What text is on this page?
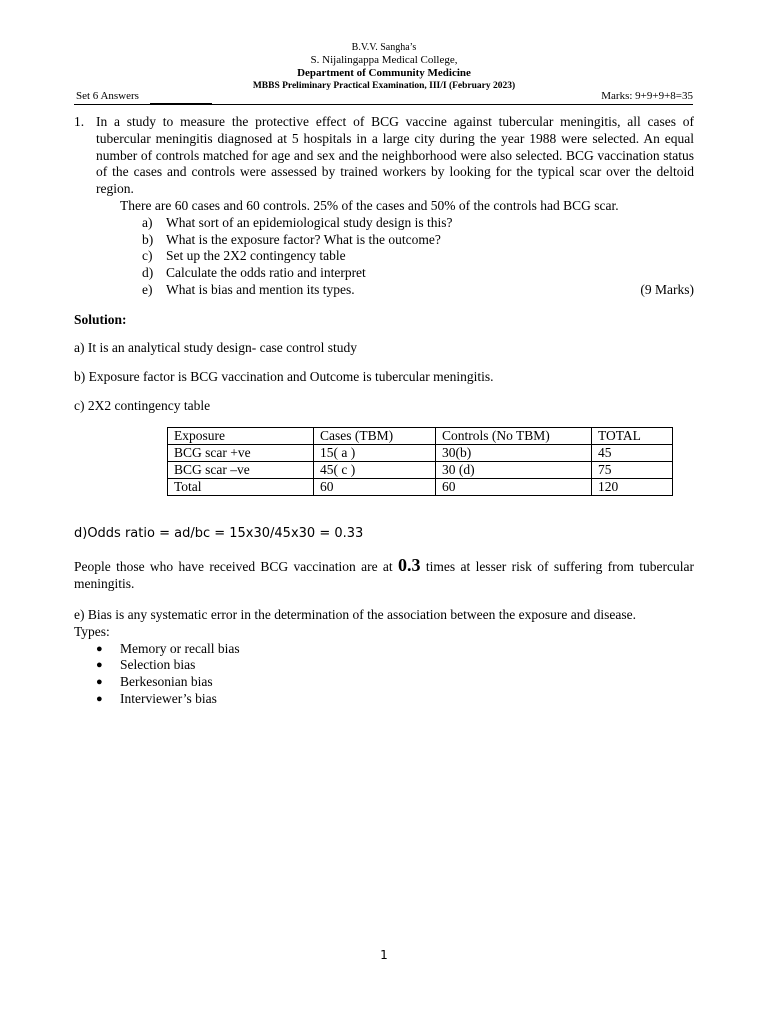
B.V.V. Sangha’s
S. Nijalingappa Medical College,
Department of Community Medicine
MBBS Preliminary Practical Examination, III/I (February 2023)
Set 6 Answers	Marks: 9+9+9+8=35
1. In a study to measure the protective effect of BCG vaccine against tubercular meningitis, all cases of tubercular meningitis diagnosed at 5 hospitals in a large city during the year 1988 were selected. An equal number of controls matched for age and sex and the neighborhood were also selected. BCG vaccination status of the cases and controls were assessed by trained workers by looking for the typical scar over the deltoid region.
There are 60 cases and 60 controls. 25% of the cases and 50% of the controls had BCG scar.
a) What sort of an epidemiological study design is this?
b) What is the exposure factor? What is the outcome?
c) Set up the 2X2 contingency table
d) Calculate the odds ratio and interpret
e) What is bias and mention its types.	(9 Marks)
Solution:
a) It is an analytical study design- case control study
b) Exposure factor is BCG vaccination and Outcome is tubercular meningitis.
c) 2X2 contingency table
Exposure	Cases (TBM)	Controls (No TBM)	TOTAL
BCG scar +ve	15( a )	30(b)	45
BCG scar –ve	45( c )	30 (d)	75
Total	60	60	120
d)Odds ratio = ad/bc = 15x30/45x30 = 0.33
People those who have received BCG vaccination are at 0.3 times at lesser risk of suffering from tubercular meningitis.
e) Bias is any systematic error in the determination of the association between the exposure and disease.
Types:
● Memory or recall bias
● Selection bias
● Berkesonian bias
● Interviewer’s bias
1
